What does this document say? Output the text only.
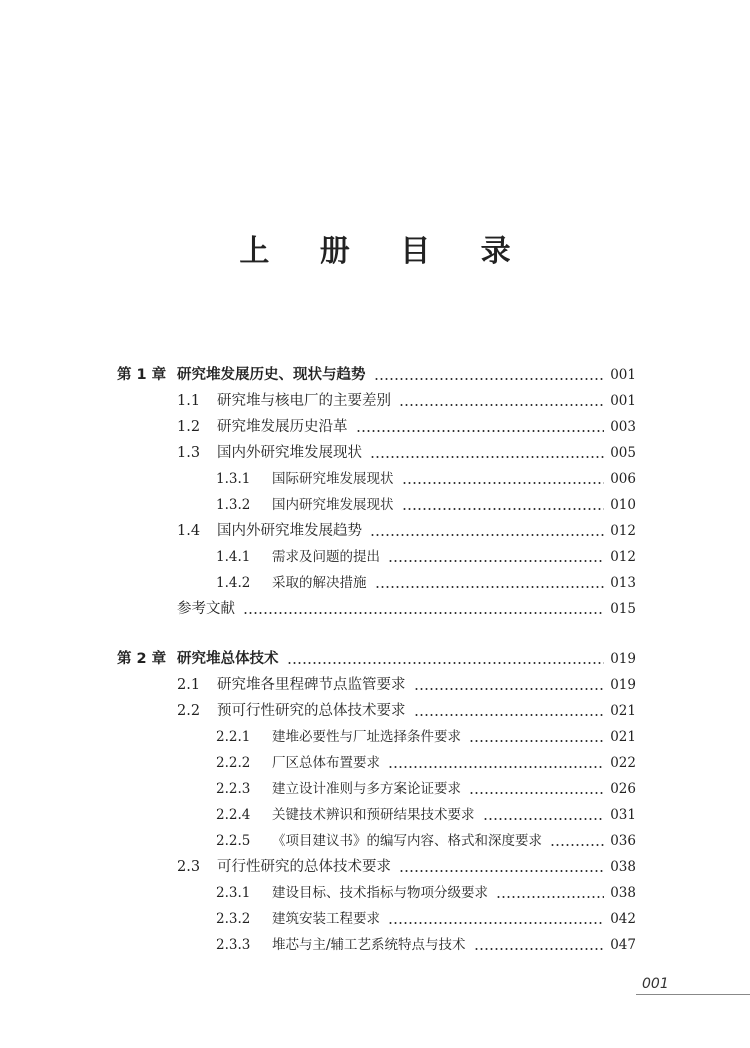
上 册 目 录
第 1 章 研究堆发展历史、现状与趋势	001
1.1	研究堆与核电厂的主要差别	001
1.2	研究堆发展历史沿革	003
1.3	国内外研究堆发展现状	005
1.3.1	国际研究堆发展现状	006
1.3.2	国内研究堆发展现状	010
1.4	国内外研究堆发展趋势	012
1.4.1	需求及问题的提出	012
1.4.2	采取的解决措施	013
参考文献	015
第 2 章 研究堆总体技术	019
2.1	研究堆各里程碑节点监管要求	019
2.2	预可行性研究的总体技术要求	021
2.2.1	建堆必要性与厂址选择条件要求	021
2.2.2	厂区总体布置要求	022
2.2.3	建立设计准则与多方案论证要求	026
2.2.4	关键技术辨识和预研结果技术要求	031
2.2.5	《项目建议书》的编写内容、格式和深度要求	036
2.3	可行性研究的总体技术要求	038
2.3.1	建设目标、技术指标与物项分级要求	038
2.3.2	建筑安装工程要求	042
2.3.3	堆芯与主/辅工艺系统特点与技术	047
001
